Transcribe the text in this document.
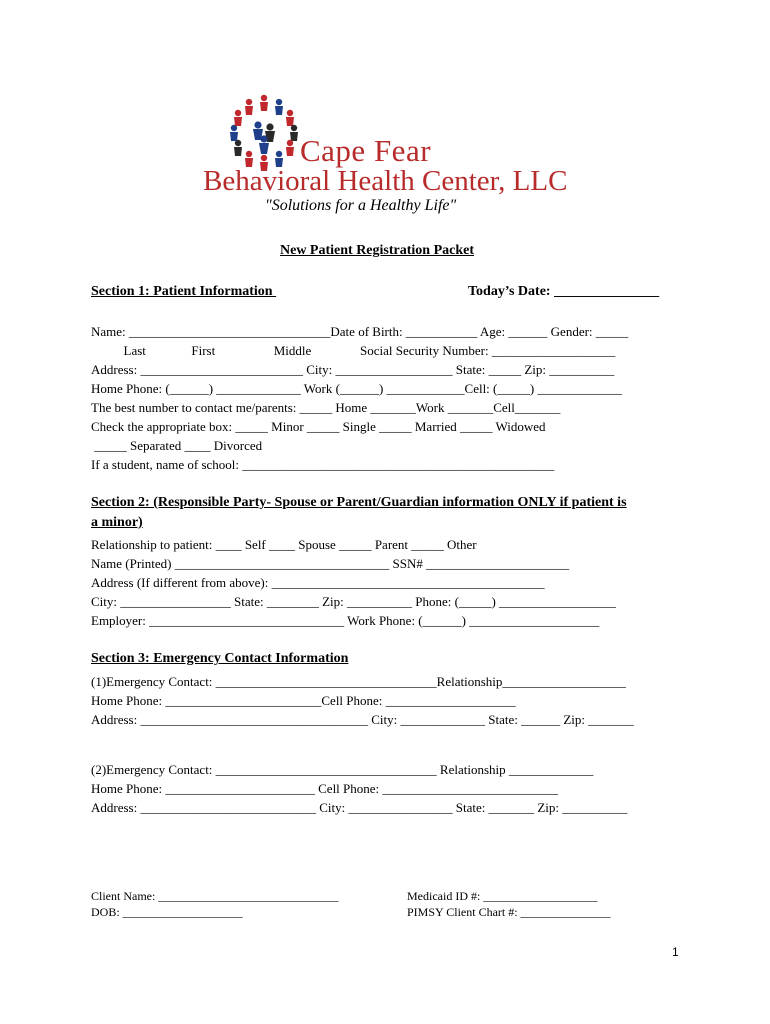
Cape Fear
Behavioral Health Center, LLC
"Solutions for a Healthy Life"
New Patient Registration Packet
Section 1: Patient Information	Today’s Date: _______________
Name: _______________________________Date of Birth: ___________ Age: ______ Gender: _____
Last              First                  Middle               Social Security Number: ___________________
Address: _________________________ City: __________________ State: _____ Zip: __________
Home Phone: (______) _____________ Work (______) ____________Cell: (_____) _____________
The best number to contact me/parents: _____ Home _______Work _______Cell_______
Check the appropriate box: _____ Minor _____ Single _____ Married _____ Widowed
_____ Separated ____ Divorced
If a student, name of school: ________________________________________________
Section 2: (Responsible Party- Spouse or Parent/Guardian information ONLY if patient is
a minor)
Relationship to patient: ____ Self ____ Spouse _____ Parent _____ Other
Name (Printed) _________________________________ SSN# ______________________
Address (If different from above): __________________________________________
City: _________________ State: ________ Zip: __________ Phone: (_____) __________________
Employer: ______________________________ Work Phone: (______) ____________________
Section 3: Emergency Contact Information
(1)Emergency Contact: __________________________________Relationship___________________
Home Phone: ________________________Cell Phone: ____________________
Address: ___________________________________ City: _____________ State: ______ Zip: _______
(2)Emergency Contact: __________________________________ Relationship _____________
Home Phone: _______________________ Cell Phone: ___________________________
Address: ___________________________ City: ________________ State: _______ Zip: __________
Client Name: ______________________________
DOB: ____________________
Medicaid ID #: ___________________
PIMSY Client Chart #: _______________
1
